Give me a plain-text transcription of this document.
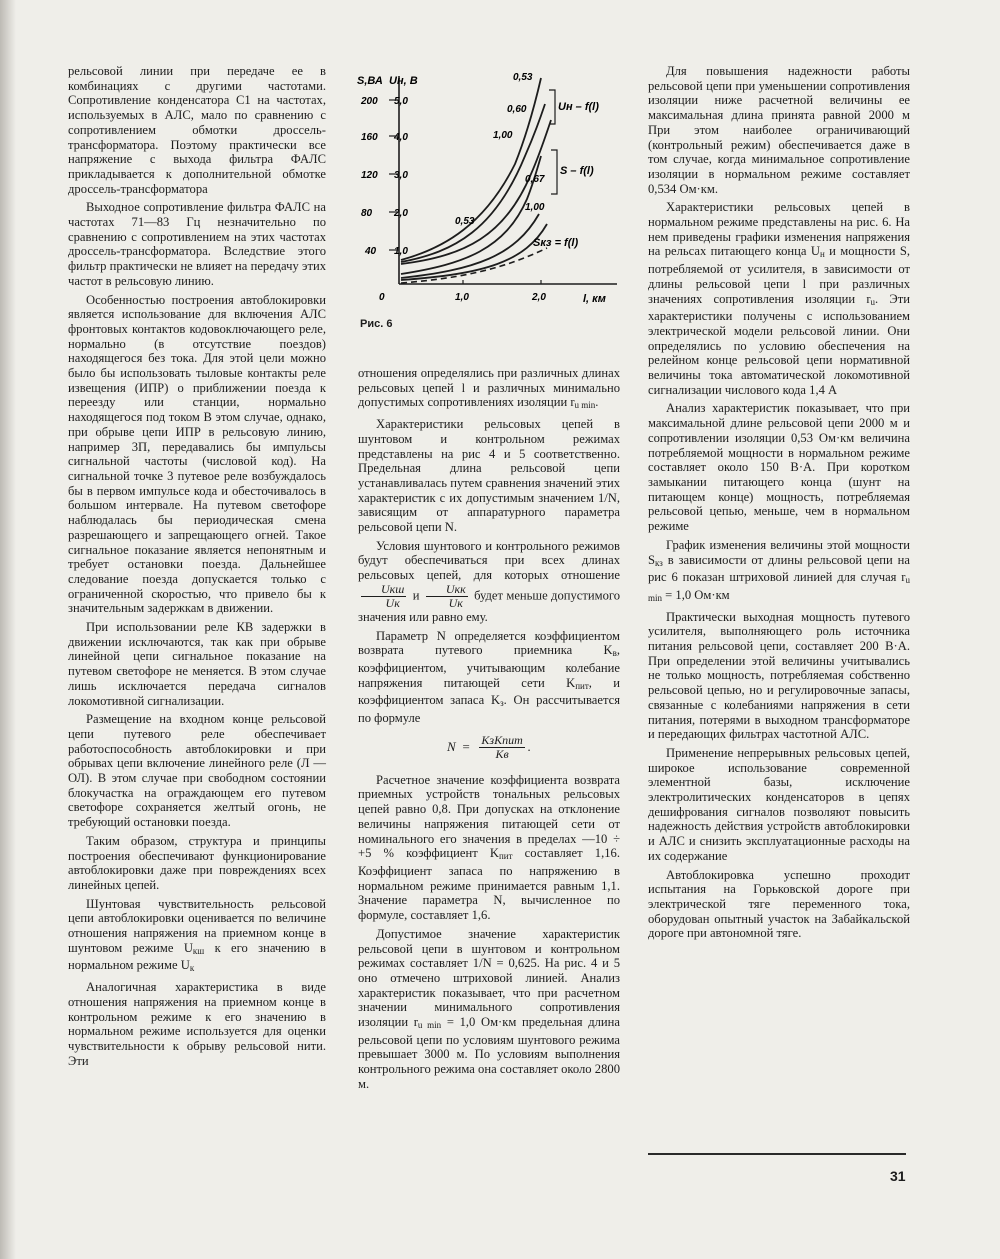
рельсовой линии при передаче ее в комбинациях с другими частотами. Сопротивление конденсатора С1 на частотах, используемых в АЛС, мало по сравнению с сопротивлением обмотки дроссель-трансформатора. Поэтому практически все напряжение с выхода фильтра ФАЛС прикладывается к дополнительной обмотке дроссель-трансформатора

Выходное сопротивление фильтра ФАЛС на частотах 71—83 Гц незначительно по сравнению с сопротивлением на этих частотах дроссель-трансформатора. Вследствие этого фильтр практически не влияет на передачу этих частот в рельсовую линию.

Особенностью построения автоблокировки является использование для включения АЛС фронтовых контактов кодовоключающего реле, нормально (в отсутствие поездов) находящегося без тока. Для этой цели можно было бы использовать тыловые контакты реле извещения (ИПР) о приближении поезда к переезду или станции, нормально находящегося под током В этом случае, однако, при обрыве цепи ИПР в рельсовую линию, например 3П, передавались бы импульсы сигнальной частоты (числовой код). На сигнальной точке 3 путевое реле возбуждалось бы в первом импульсе кода и обесточивалось в большом интервале. На путевом светофоре наблюдалась бы периодическая смена разрешающего и запрещающего огней. Такое сигнальное показание является непонятным и требует остановки поезда. Дальнейшее следование поезда допускается только с ограниченной скоростью, что привело бы к значительным задержкам в движении.

При использовании реле КВ задержки в движении исключаются, так как при обрыве линейной цепи сигнальное показание на путевом светофоре не меняется. В этом случае лишь исключается передача сигналов локомотивной сигнализации.

Размещение на входном конце рельсовой цепи путевого реле обеспечивает работоспособность автоблокировки и при обрывах цепи включение линейного реле (Л — ОЛ). В этом случае при свободном состоянии блокучастка на ограждающем его путевом светофоре сохраняется желтый огонь, не требующий остановки поезда.

Таким образом, структура и принципы построения обеспечивают функционирование автоблокировки даже при повреждениях всех линейных цепей.

Шунтовая чувствительность рельсовой цепи автоблокировки оценивается по величине отношения напряжения на приемном конце в шунтовом режиме $U_{кш}$ к его значению в нормальном режиме $U_к$

Аналогичная характеристика в виде отношения напряжения на приемном конце в контрольном режиме к его значению в нормальном режиме используется для оценки чувствительности к обрыву рельсовой нити. Эти

S,ВА Uн, В
l, км
200
160
120
80
40
5,0
4,0
3,0
2,0
1,0
0	1,0	2,0
0,53
0,60
1,00
0,67
0,53
1,00
Uн – f(l)
S – f(l)
Sкз = f(l)
Рис. 6

отношения определялись при различных длинах рельсовых цепей l и различных минимально допустимых сопротивлениях изоляции $r_{u min}$.

Характеристики рельсовых цепей в шунтовом и контрольном режимах представлены на рис 4 и 5 соответственно. Предельная длина рельсовой цепи устанавливалась путем сравнения значений этих характеристик с их допустимым значением 1/N, зависящим от аппаратурного параметра рельсовой цепи N.

Условия шунтового и контрольного режимов будут обеспечиваться при всех длинах рельсовых цепей, для которых отношение
$\frac{\text{Uкш}}{Uк}$ и $\frac{\text{Uкк}}{Uк}$ будет меньше допустимого значения или равно ему.

Параметр N определяется коэффициентом возврата путевого приемника $K_в$, коэффициентом, учитывающим колебание напряжения питающей сети $K_{пит}$, и коэффициентом запаса $K_з$. Он рассчитывается по формуле

$N = \frac{\text{KзKпит}}{Kв}$ .

Расчетное значение коэффициента возврата приемных устройств тональных рельсовых цепей равно 0,8. При допусках на отклонение величины напряжения питающей сети от номинального его значения в пределах —10 ÷ +5 % коэффициент $K_{пит}$ составляет 1,16. Коэффициент запаса по напряжению в нормальном режиме принимается равным 1,1. Значение параметра N, вычисленное по формуле, составляет 1,6.

Допустимое значение характеристик рельсовой цепи в шунтовом и контрольном режимах составляет 1/N = 0,625. На рис. 4 и 5 оно отмечено штриховой линией. Анализ характеристик показывает, что при расчетном значении минимального сопротивления изоляции $r_{u min} = 1,0$ Ом·км предельная длина рельсовой цепи по условиям шунтового режима превышает 3000 м. По условиям выполнения контрольного режима она составляет около 2800 м.

Для повышения надежности работы рельсовой цепи при уменьшении сопротивления изоляции ниже расчетной величины ее максимальная длина принята равной 2000 м При этом наиболее ограничивающий (контрольный режим) обеспечивается даже в том случае, когда минимальное сопротивление изоляции в нормальном режиме составляет 0,534 Ом·км.

Характеристики рельсовых цепей в нормальном режиме представлены на рис. 6. На нем приведены графики изменения напряжения на рельсах питающего конца $U_н$ и мощности S, потребляемой от усилителя, в зависимости от длины рельсовой цепи l при различных значениях сопротивления изоляции $r_u$. Эти характеристики получены с использованием электрической модели рельсовой линии. Они определялись по условию обеспечения на релейном конце рельсовой цепи нормативной величины тока автоматической локомотивной сигнализации числового кода 1,4 А

Анализ характеристик показывает, что при максимальной длине рельсовой цепи 2000 м и сопротивлении изоляции 0,53 Ом·км величина потребляемой мощности в нормальном режиме составляет около 150 В·А. При коротком замыкании питающего конца (шунт на питающем конце) мощность, потребляемая рельсовой цепью, меньше, чем в нормальном режиме

График изменения величины этой мощности $S_{кз}$ в зависимости от длины рельсовой цепи на рис 6 показан штриховой линией для случая $r_{u min} = 1,0$ Ом·км

Практически выходная мощность путевого усилителя, выполняющего роль источника питания рельсовой цепи, составляет 200 В·А. При определении этой величины учитывались не только мощность, потребляемая собственно рельсовой цепью, но и регулировочные запасы, связанные с колебаниями напряжения в сети питания, потерями в выходном трансформаторе и передающих фильтрах частотной АЛС.

Применение непрерывных рельсовых цепей, широкое использование современной элементной базы, исключение электролитических конденсаторов в цепях дешифрования сигналов позволяют повысить надежность действия устройств автоблокировки и АЛС и снизить эксплуатационные расходы на их содержание

Автоблокировка успешно проходит испытания на Горьковской дороге при электрической тяге переменного тока, оборудован опытный участок на Забайкальской дороге при автономной тяге.

31
